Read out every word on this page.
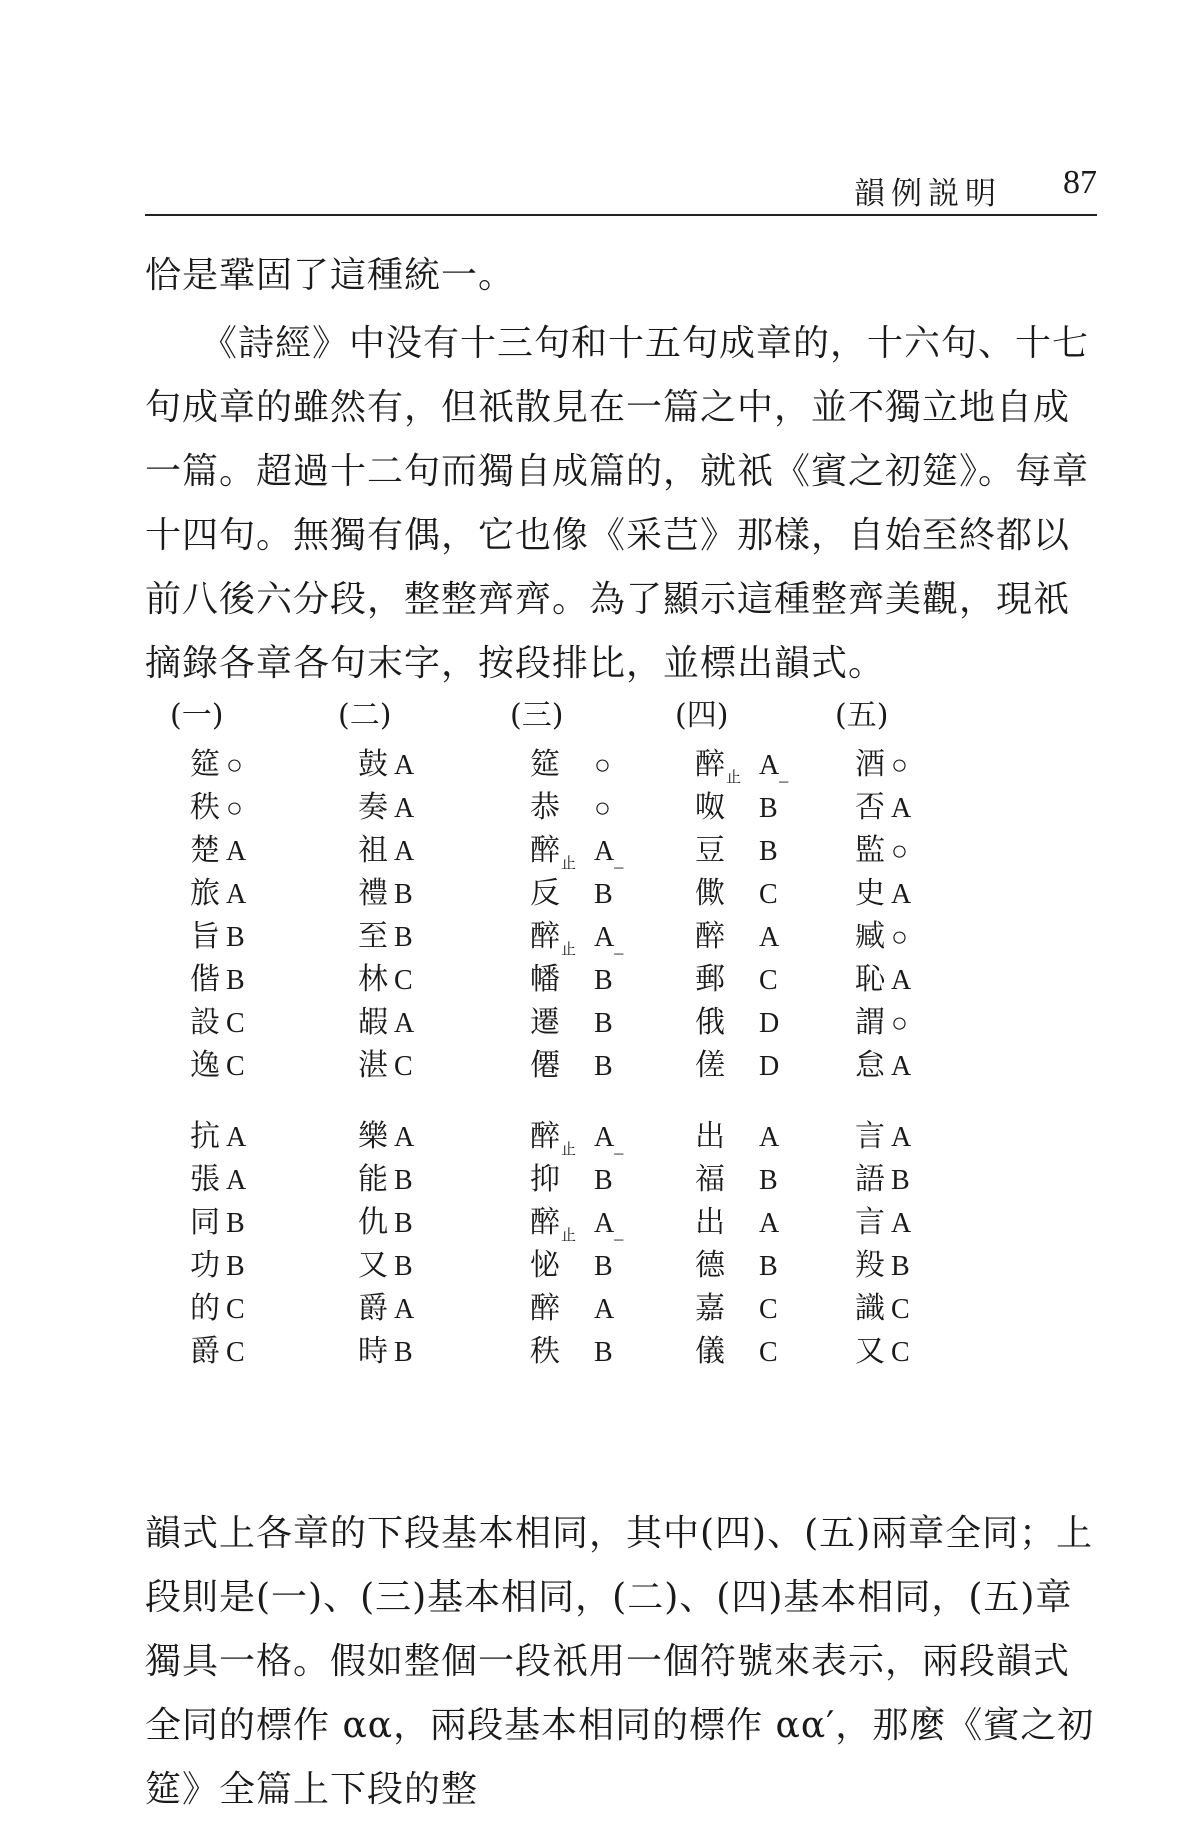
韻例説明 87

恰是鞏固了這種統一。

《詩經》中没有十三句和十五句成章的，十六句、十七句成章的雖然有，但祇散見在一篇之中，並不獨立地自成一篇。超過十二句而獨自成篇的，就祇《賓之初筵》。每章十四句。無獨有偶，它也像《采芑》那樣，自始至終都以前八後六分段，整整齊齊。為了顯示這種整齊美觀，現祇摘錄各章各句末字，按段排比，並標出韻式。

(一)
筵 ○
秩 ○
楚 A
旅 A
旨 B
偕 B
設 C
逸 C
抗 A
張 A
同 B
功 B
的 C
爵 C
(二)
鼓 A
奏 A
祖 A
禮 B
至 B
林 C
嘏 A
湛 C
樂 A
能 B
仇 B
又 B
爵 A
時 B
(三)
筵 ○
恭 ○
醉$_止$ $A_{\_}$
反 B
醉$_止$ $A_{\_}$
幡 B
遷 B
僊 B
醉$_止$ $A_{\_}$
抑 B
醉$_止$ $A_{\_}$
怭 B
醉 A
秩 B
(四)
醉$_止$ $A_{\_}$
呶 B
豆 B
僛 C
醉 A
郵 C
俄 D
傞 D
出 A
福 B
出 A
德 B
嘉 C
儀 C
(五)
酒 ○
否 A
監 ○
史 A
臧 ○
恥 A
謂 ○
怠 A
言 A
語 B
言 A
羖 B
識 C
又 C

韻式上各章的下段基本相同，其中(四)、(五)兩章全同；上段則是(一)、(三)基本相同，(二)、(四)基本相同，(五)章獨具一格。假如整個一段祇用一個符號來表示，兩段韻式全同的標作 αα，兩段基本相同的標作 αα′，那麼《賓之初筵》全篇上下段的整
